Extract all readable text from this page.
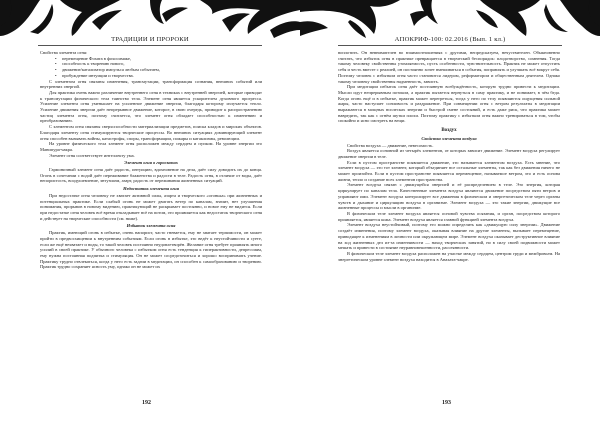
ТРАДИЦИИ И ПРОРОКИ

Свойства элемента огня:

• перемещение Фохата в фохосимаке,
• способность к творению нового,
• движение/катализатор импульса любым событием,
• пробуждение интуиции и творчества.

С элементом огня связаны изменения, трансмутации, трансформация сознания, внешних событий или внутренних энергий.

Для практика очень важно различение внутреннего огня в техниках с внутренней энергией, которые приводят к трансмутации физического тела таинство тела. Элемент огня является ускорителем духовного прогресса. Усиление элемента огня уменьшает на усиленное движение энергии, благодаря которому излучается тепло. Усиление движения энергии даёт непрерывное движение, которое, в свою очередь, приводит к распространению частиц элемента огня, поэтому считается, что элемент огня обладает способностью к изменению и преобразованию.

С элементом огня связаны сверхспособности материализации предметов, поиска кладов и мирских объектов. Благодаря элементу огня стимулируются творческие процессы. Во внешних ситуациях доминирующий элемент огня способен вызывать войны, катастрофы, споры, трансформации, пожары и катаклизмы, революции.

На уровне физического тела элемент огня расположен между сердцем и пупком. На уровне энергии это Манипура-чакра.

Элемент огня соответствует интеллекту ума.

Элемент огня в гороскопах

Гармоничный элемент огня даёт радость, интуицию, вдохновение на дела, даёт силу доводить их до конца. Огонь в сочетании с водой даёт переживание блаженства и радости в теле. Радость огня, в отличие от воды, даёт непористость, воодушевление, энтузиазм, азарт, радость от переживания жизненных ситуаций.

Недостаток элемента огня

При недостатке огня человеку не хватает активной силы, азарта и творческого «огонька» при жизненных и потенциальных практике. Если слабый огонь не может двигать ветер по каналам, значит, нет улучшения понимания, прорывов в новому видению, практикующий не раскрывает постоянно, и новое ему не видится. Если при недостатке огня человек всё время откладывает всё на потом, это проявляется как недостаток творческого огня и действует на творческие способности (см. ниже).

Избыток элемента огня

Практик, имеющий огонь в избытке, очень напорист, часто гневается, ему не хватает терпимости, он может пройти в предвосхищении к внутренним событиям. Если огонь в избытке, это ведёт к неустойчивости и суете, если же ещё нехватает и воды, то такой человек постоянно неудовлетворён. Желание огня требует проявлять много усилий в своей практике. У обычного человека с избытком огня есть тенденция к гиперактивности, депрессиям, ему нужна постоянная подпитка и стимуляция. Он не может сосредоточиться и хорошо воспринимать учение. Практику трудно отвлекаться, когда у него есть задачи в медитации, он способен к самообразованию и творению. Практик трудно сохраняет ясность уму, однако он не может их

192
АПОКРИФ-100: 02.2016 (Вып. 1 кл.)

воплотить. Он невнимателен во взаимоотношениях с другими, непредсказуем, нечуствителен. Обыкновенно считать, что избыток огня в практике превращается в творческий беспорядок: плодотворство, сомнения. Тогда такому человеку свойственны утомляемость, пусть особенности, чувствительность. Практик не может отпустить себя и честь вместе с реалией, он постоянно хочет вмешиваться в события, поправлять и улучшать всё вокруг себя. Поэтому человек с избытком огня часто становится лидером, реформатором и общественным деятелем. Однако такому человеку свойственны надменность, зависть.

При медитации избыток огня даёт постоянную возбуждённость, которую трудно привести к медитации. Мысли идут непрерывным потоком, а практик пытается вернуться в саму практику, и не понимает, в чём беда. Когда огонь ещё и в избытке, практик может перегреться, тогда у него по телу появляются ощущения сильной жары, часто наступает сонливость и раздражение. При совмещении огня с ветром результаты в медитации выражаются в мощных всплесках энергии и быстрой смене состояний, и есть даже риск, что практика может навредить, так как с огнём шутки плохи. Поэтому практику с избытком огня важно тренироваться в том, чтобы спокойно и ясно смотреть на вещи.

Воздух
Свойства элемента воздуха

Свойства воздуха — движение, невесомость.

Воздух является основной из четырёх элементов, от которых зависит движение. Элемент воздуха регулирует движение энергии в теле.

Если в пустом пространстве появляется движение, это называется элементом воздуха. Есть мнение, что элемент воздуха — это тот элемент, который объединяет все остальные элементы, так как без движения ничего не может произойти. Если в пустом пространстве появляется перемещение, называемое ветром, это и есть основа жизни, тепло и создание всех элементов пространства.

Элемент воздуха связан с движущейся энергией и её распределением в теле. Это энергия, которая циркулирует по каналам тела. Качественные элемента воздуха являются движение посредством пяти ветров и управляют ими. Элемент воздуха контролирует все движения в физическом и энергетическом теле через органы чувств и дыхание и циркуляцию воздуха в организме. Элемент воздуха — это такие энергии, движущие все жизненные процессы и мысли в организме.

В физическом теле элемент воздуха является основой чувства осязания, и орган, посредством которого проявляется, является кожа. Элемент воздуха является главной функцией элемента воздуха.

Элемент воздуха неустойчивый, поэтому его можно определить как «движущую силу энергии». Движение создаёт изменения, поэтому элемент воздуха, оказывая влияние на другие элементы, вызывает перемещение, приводящее к изменениям в личности или окружающем мире. Элемент воздуха оказывает деструктивное влияние на ход жизненных дел из-за изменчивости — наход творческих занятий, но в силу своей подвижности может мешать и привести в состояние неуравновешенности, рассеянности.

В физическом теле элемент воздуха расположен на участке между сердцем, центром груди и межбровьем. На энергетическом уровне элемент воздуха находится в Анахата-чакре.

193
